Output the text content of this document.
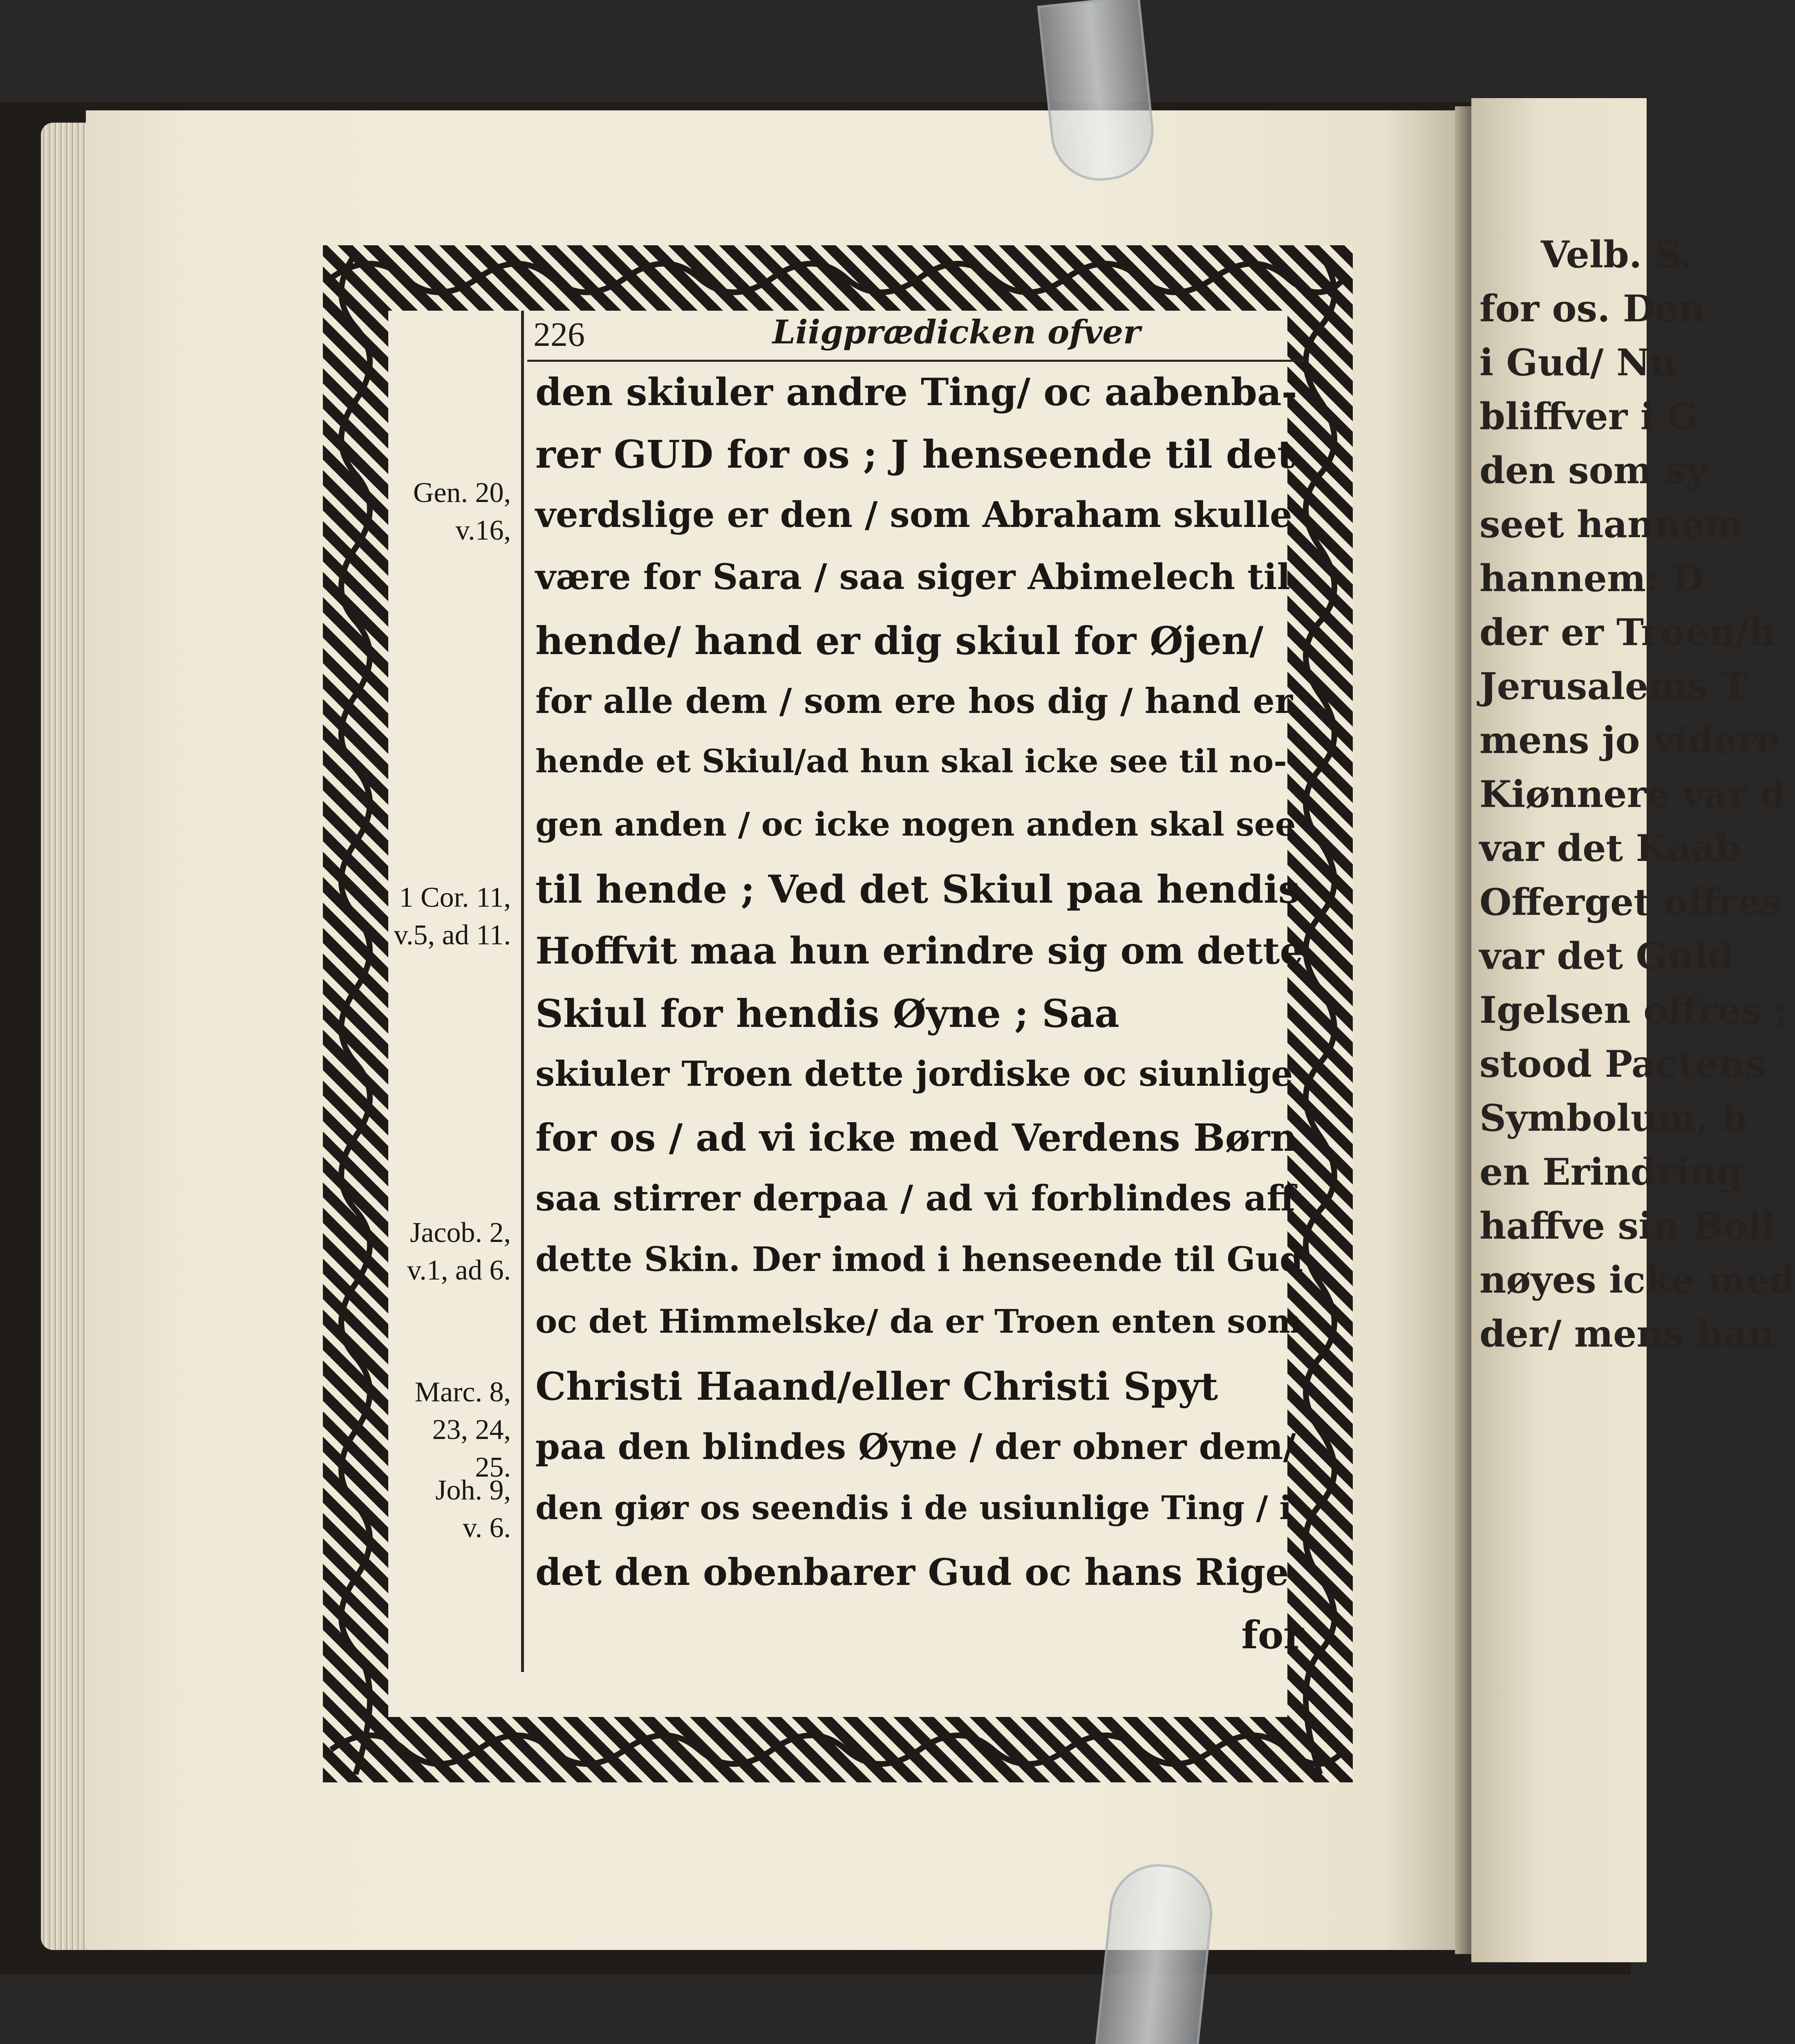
Velb. S.
for os. Den
i Gud/ Nu
bliffver i G
den som sy
seet hannem
hannem: D
der er Troen/h
Jerusalems T
mens jo videre
Kiønnere var d
var det Kaab
Offerget offres
var det Guld
Igelsen offres ;
stood Pactens
Symbolum, h
en Erindring
haffve sin Boli
nøyes icke med
der/ mens han
226	Liigprædicken ofver
Gen. 20,
v.16,
1 Cor. 11,
v.5, ad 11.
Jacob. 2,
v.1, ad 6.
Marc. 8,
23, 24,
25.
Joh. 9,
v. 6.
den skiuler andre Ting/ oc aabenba-
rer GUD for os ; J henseende til det
verdslige er den / som Abraham skulle
være for Sara / saa siger Abimelech til
hende/ hand er dig skiul for Øjen/
for alle dem / som ere hos dig / hand er
hende et Skiul/ad hun skal icke see til no-
gen anden / oc icke nogen anden skal see
til hende ; Ved det Skiul paa hendis
Hoffvit maa hun erindre sig om dette
Skiul for hendis Øyne ; Saa
skiuler Troen dette jordiske oc siunlige
for os / ad vi icke med Verdens Børn
saa stirrer derpaa / ad vi forblindes aff
dette Skin. Der imod i henseende til Gud
oc det Himmelske/ da er Troen enten som
Christi Haand/eller Christi Spyt
paa den blindes Øyne / der obner dem/
den giør os seendis i de usiunlige Ting / i
det den obenbarer Gud oc hans Rige
for
